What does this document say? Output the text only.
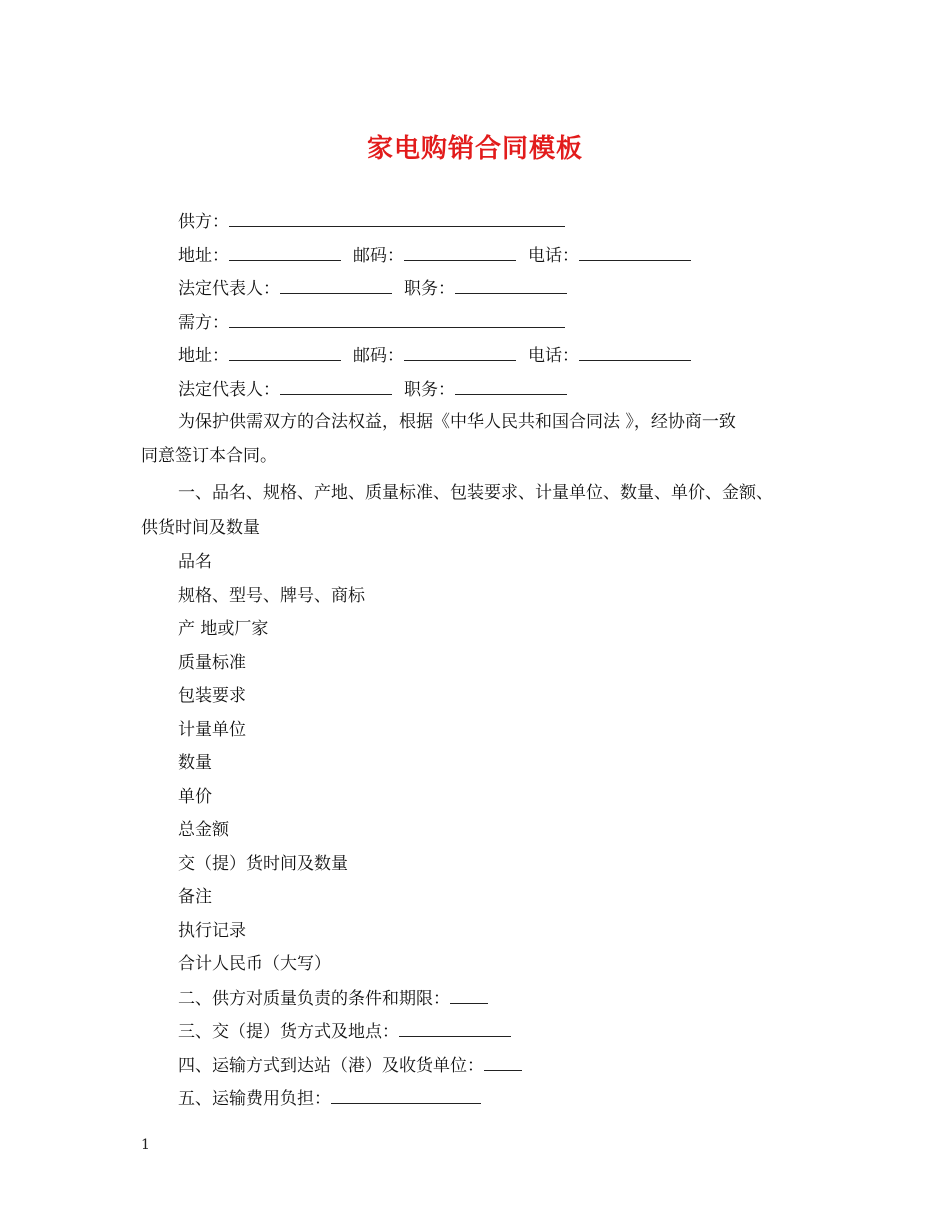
家电购销合同模板
供方：
地址：	邮码：	电话：
法定代表人：	职务：
需方：
地址：	邮码：	电话：
法定代表人：	职务：
为保护供需双方的合法权益，根据《中华人民共和国合同法 》，经协商一致
同意签订本合同。
一、品名、规格、产地、质量标准、包装要求、计量单位、数量、单价、金额、
供货时间及数量
品名
规格、型号、牌号、商标
产 地或厂家
质量标准
包装要求
计量单位
数量
单价
总金额
交（提）货时间及数量
备注
执行记录
合计人民币（大写）
二、供方对质量负责的条件和期限：
三、交（提）货方式及地点：
四、运输方式到达站（港）及收货单位：
五、运输费用负担：
1
